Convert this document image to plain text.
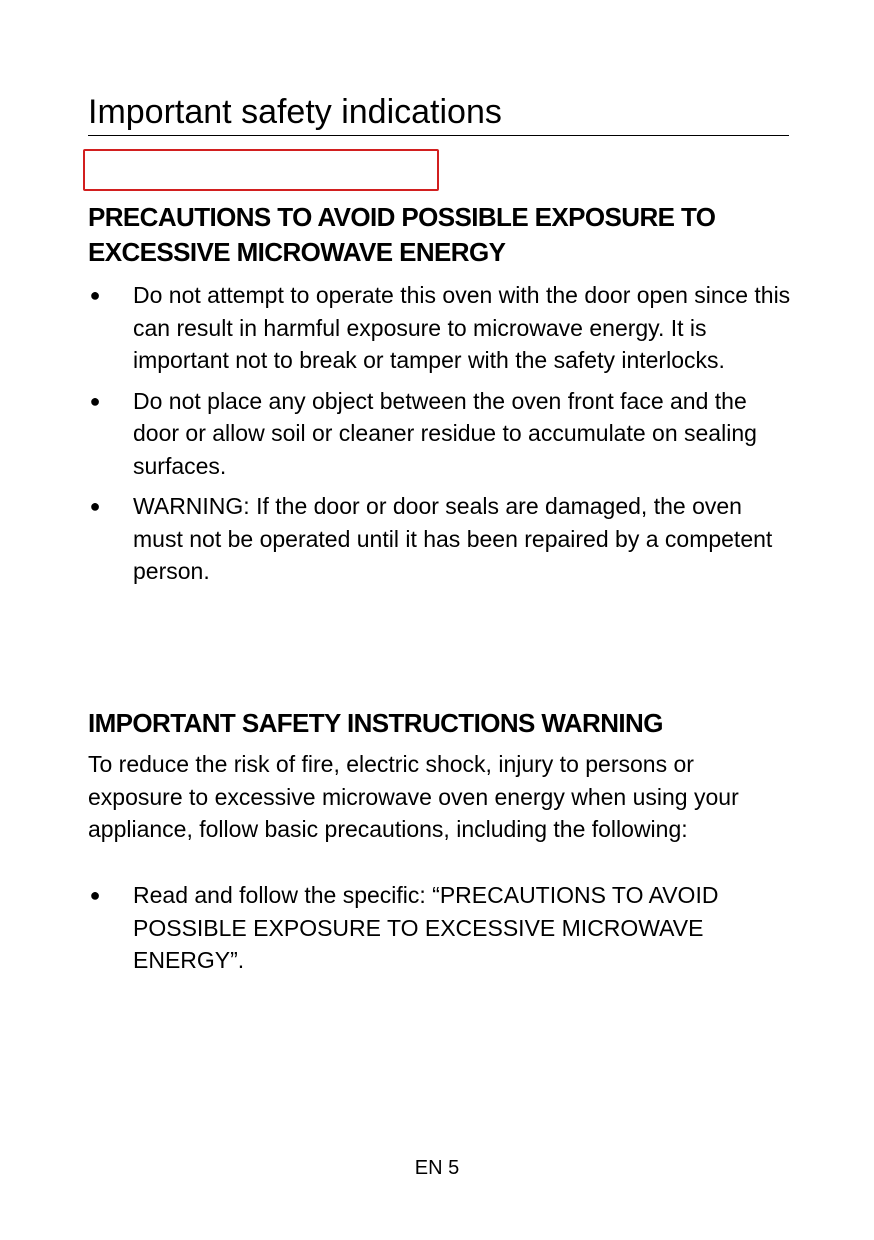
Important safety indications
PRECAUTIONS TO AVOID POSSIBLE EXPOSURE TO EXCESSIVE MICROWAVE ENERGY
● Do not attempt to operate this oven with the door open since this can result in harmful exposure to microwave energy. It is important not to break or tamper with the safety interlocks.
● Do not place any object between the oven front face and the door or allow soil or cleaner residue to accumulate on sealing surfaces.
● WARNING: If the door or door seals are damaged, the oven must not be operated until it has been repaired by a competent person.
IMPORTANT SAFETY INSTRUCTIONS WARNING

To reduce the risk of fire, electric shock, injury to persons or exposure to excessive microwave oven energy when using your appliance, follow basic precautions, including the following:

● Read and follow the specific: “PRECAUTIONS TO AVOID POSSIBLE EXPOSURE TO EXCESSIVE MICROWAVE ENERGY”.
EN 5
